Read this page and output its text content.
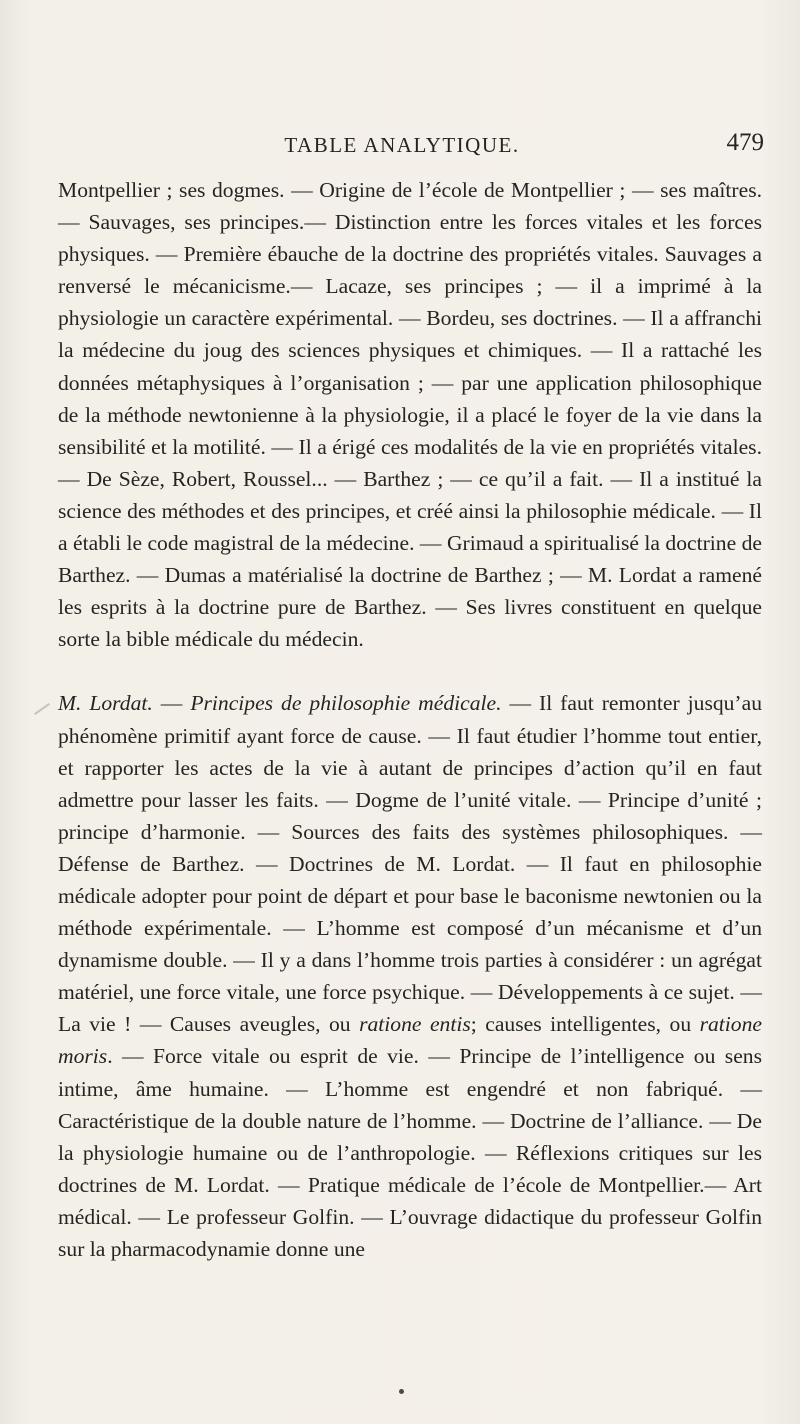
TABLE ANALYTIQUE.	479

Montpellier ; ses dogmes. — Origine de l’école de Montpellier ; — ses maîtres.— Sauvages, ses principes.— Distinction entre les forces vitales et les forces physiques. — Première ébauche de la doctrine des propriétés vitales. Sauvages a renversé le mécanicisme.— Lacaze, ses principes ; — il a imprimé à la physiologie un caractère expérimental. — Bordeu, ses doctrines. — Il a affranchi la médecine du joug des sciences physiques et chimiques. — Il a rattaché les données métaphysiques à l’organisation ; — par une application philosophique de la méthode newtonienne à la physiologie, il a placé le foyer de la vie dans la sensibilité et la motilité. — Il a érigé ces modalités de la vie en propriétés vitales.— De Sèze, Robert, Roussel... — Barthez ; — ce qu’il a fait. — Il a institué la science des méthodes et des principes, et créé ainsi la philosophie médicale. — Il a établi le code magistral de la médecine. — Grimaud a spiritualisé la doctrine de Barthez. — Dumas a matérialisé la doctrine de Barthez ; — M. Lordat a ramené les esprits à la doctrine pure de Barthez. — Ses livres constituent en quelque sorte la bible médicale du médecin.

M. Lordat. — Principes de philosophie médicale. — Il faut remonter jusqu’au phénomène primitif ayant force de cause. — Il faut étudier l’homme tout entier, et rapporter les actes de la vie à autant de principes d’action qu’il en faut admettre pour lasser les faits. — Dogme de l’unité vitale. — Principe d’unité ; principe d’harmonie. — Sources des faits des systèmes philosophiques. — Défense de Barthez. — Doctrines de M. Lordat. — Il faut en philosophie médicale adopter pour point de départ et pour base le baconisme newtonien ou la méthode expérimentale. — L’homme est composé d’un mécanisme et d’un dynamisme double. — Il y a dans l’homme trois parties à considérer : un agrégat matériel, une force vitale, une force psychique. — Développements à ce sujet. — La vie ! — Causes aveugles, ou ratione entis; causes intelligentes, ou ratione moris. — Force vitale ou esprit de vie. — Principe de l’intelligence ou sens intime, âme humaine. — L’homme est engendré et non fabriqué. — Caractéristique de la double nature de l’homme. — Doctrine de l’alliance. — De la physiologie humaine ou de l’anthropologie. — Réflexions critiques sur les doctrines de M. Lordat. — Pratique médicale de l’école de Montpellier.— Art médical. — Le professeur Golfin. — L’ouvrage didactique du professeur Golfin sur la pharmacodynamie donne une
